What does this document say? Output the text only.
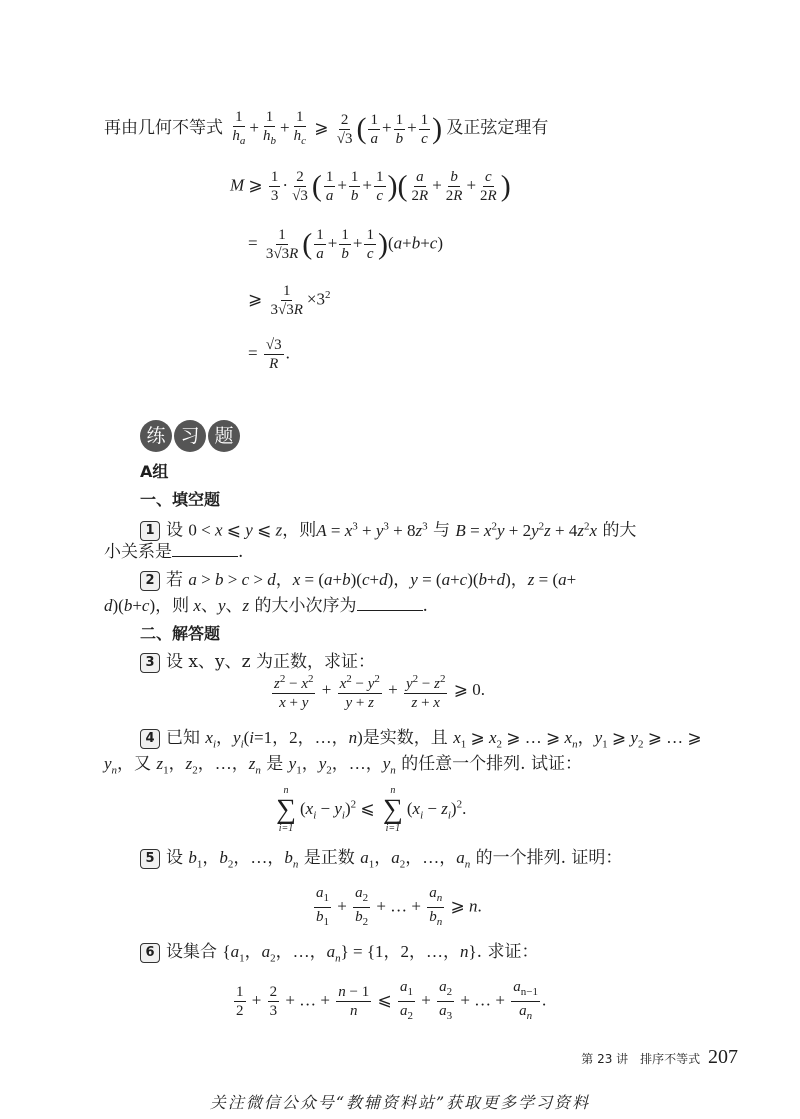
再由几何不等式 $\frac{1}{h_a} + \frac{1}{h_b} + \frac{1}{h_c}$ ⩾ $\frac{2}{√3}$ ( $\frac{1}{a} + \frac{1}{b} + \frac{1}{c}$ ) 及正弦定理有
M ⩾ $\frac{1}{3} \cdot \frac{2}{√3}$ ( $\frac{1}{a} + \frac{1}{b} + \frac{1}{c}$ )( $\frac{a}{2R} + \frac{b}{2R} + \frac{c}{2R}$ )
= $\frac{1}{3√3R}$ ( $\frac{1}{a} + \frac{1}{b} + \frac{1}{c} )(a+b+c)$
⩾ $\frac{1}{3√3R} \times 3^2$
= $\frac{√3}{R}$ .
练 习 题
A组
一、填空题
1 设 0 < x ⩽ y ⩽ z，则$A = x^3 + y^3 + 8z^3$ 与 $B = x^2y + 2y^2z + 4z^2x$ 的大
小关系是	.
2 若 a > b > c > d，x = (a+b)(c+d)，y = (a+c)(b+d)，z = (a+
d)(b+c)，则 x、y、z 的大小次序为	.
二、解答题
3 设 x、y、z 为正数，求证：
$\frac{z^2 - x^2}{x + y} + \frac{x^2 - y^2}{y + z} + \frac{y^2 - z^2}{z + x}$ ⩾ 0.
4 已知 $x_i$，$y_i(i=1$，2，…，n)是实数，且 $x_1$ ⩾ $x_2$ ⩾ … ⩾ $x_n$，$y_1$ ⩾ $y_2$ ⩾ … ⩾
$y_n$，又 $z_1$，$z_2$，…，$z_n$ 是 $y_1$，$y_2$，…，$y_n$ 的任意一个排列. 试证：
n
∑
i=1
$(x_i - y_i)^2$ ⩽
n
∑
i=1
$(x_i - z_i)^2$.
5 设 $b_1$，$b_2$，…，$b_n$ 是正数 $a_1$，$a_2$，…，$a_n$ 的一个排列. 证明：
$\frac{a_1}{b_1} + \frac{a_2}{b_2}$ + … + $\frac{a_n}{b_n}$ ⩾ n.
6 设集合 {$a_1$，$a_2$，…，$a_n\} = \{1$，2，…，n}. 求证：
$\frac{1}{2} + \frac{2}{3}$ + … + $\frac{n - 1}{n}$ ⩽ $\frac{a_1}{a_2} + \frac{a_2}{a_3}$ + … + $\frac{a_{n-1}}{a_n}$ .
第 23 讲　排序不等式 207
关注微信公众号“教辅资料站”获取更多学习资料
